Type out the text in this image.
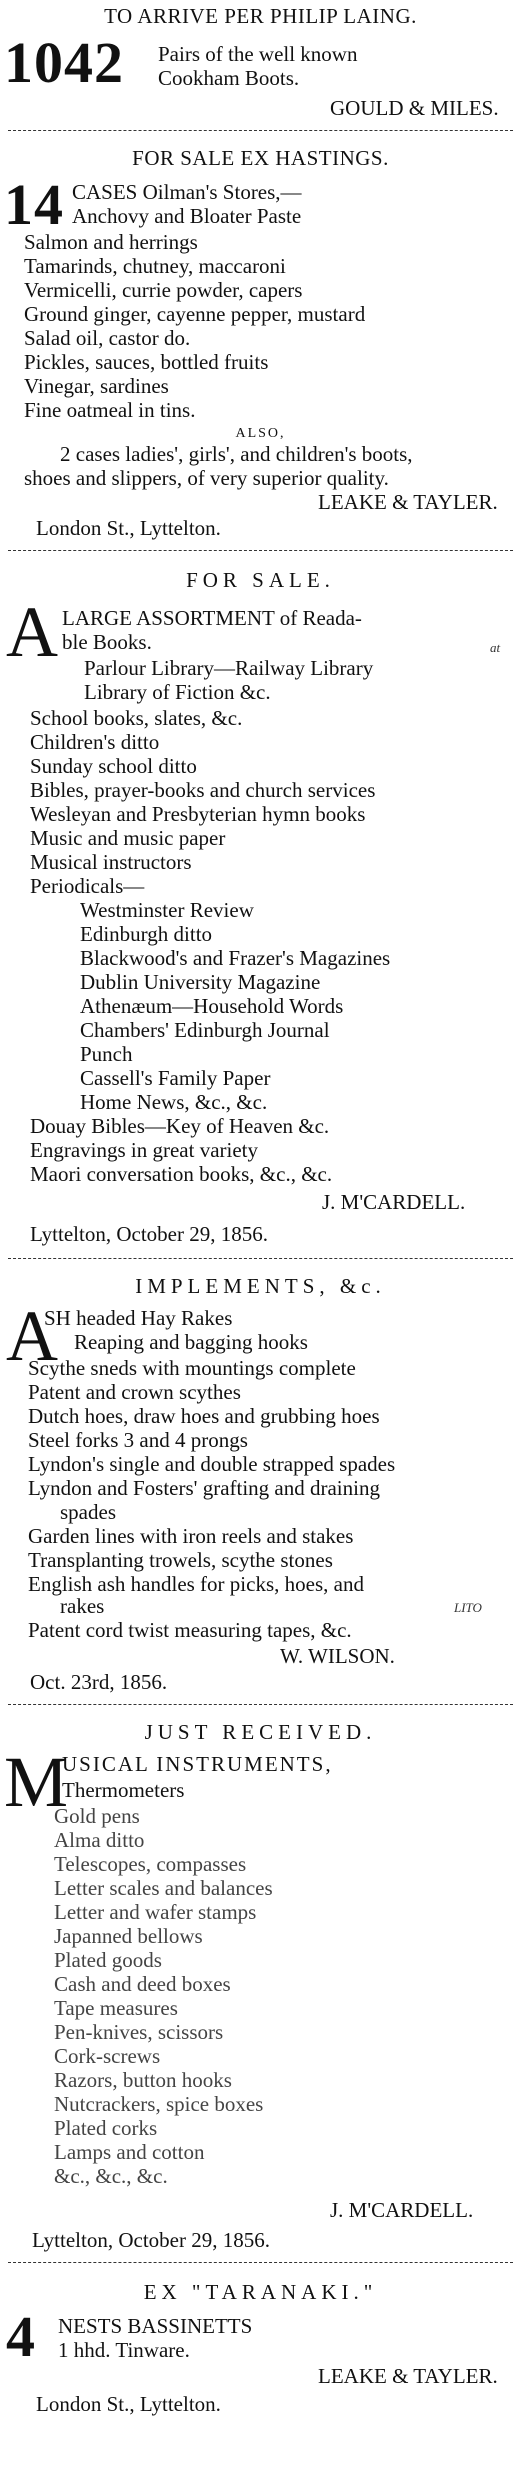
TO ARRIVE PER PHILIP LAING.
1042 Pairs of the well known
Cookham Boots.
GOULD & MILES.
FOR SALE EX HASTINGS.
14 CASES Oilman's Stores,—
Anchovy and Bloater Paste
Salmon and herrings
Tamarinds, chutney, maccaroni
Vermicelli, currie powder, capers
Ground ginger, cayenne pepper, mustard
Salad oil, castor do.
Pickles, sauces, bottled fruits
Vinegar, sardines
Fine oatmeal in tins.
ALSO,
2 cases ladies', girls', and children's boots,
shoes and slippers, of very superior quality.
LEAKE & TAYLER.
London St., Lyttelton.
FOR SALE.
A LARGE ASSORTMENT of Reada-
ble Books.
Parlour Library—Railway Library
at
Library of Fiction &c.
School books, slates, &c.
Children's ditto
Sunday school ditto
Bibles, prayer-books and church services
Wesleyan and Presbyterian hymn books
Music and music paper
Musical instructors
Periodicals—
Westminster Review
Edinburgh ditto
Blackwood's and Frazer's Magazines
Dublin University Magazine
Athenæum—Household Words
Chambers' Edinburgh Journal
Punch
Cassell's Family Paper
Home News, &c., &c.
Douay Bibles—Key of Heaven &c.
Engravings in great variety
Maori conversation books, &c., &c.
J. M'CARDELL.
Lyttelton, October 29, 1856.
IMPLEMENTS, &c.
A
SH headed Hay Rakes
Reaping and bagging hooks
Scythe sneds with mountings complete
Patent and crown scythes
Dutch hoes, draw hoes and grubbing hoes
Steel forks 3 and 4 prongs
Lyndon's single and double strapped spades
Lyndon and Fosters' grafting and draining
spades
Garden lines with iron reels and stakes
Transplanting trowels, scythe stones
English ash handles for picks, hoes, and
rakes	LITO
Patent cord twist measuring tapes, &c.
W. WILSON.
Oct. 23rd, 1856.
JUST RECEIVED.
M
USICAL INSTRUMENTS,
Thermometers
Gold pens
Alma ditto
Telescopes, compasses
Letter scales and balances
Letter and wafer stamps
Japanned bellows
Plated goods
Cash and deed boxes
Tape measures
Pen-knives, scissors
Cork-screws
Razors, button hooks
Nutcrackers, spice boxes
Plated corks
Lamps and cotton
&c., &c., &c.
J. M'CARDELL.
Lyttelton, October 29, 1856.
EX "TARANAKI."
4 NESTS BASSINETTS
1 hhd. Tinware.
LEAKE & TAYLER.
London St., Lyttelton.
